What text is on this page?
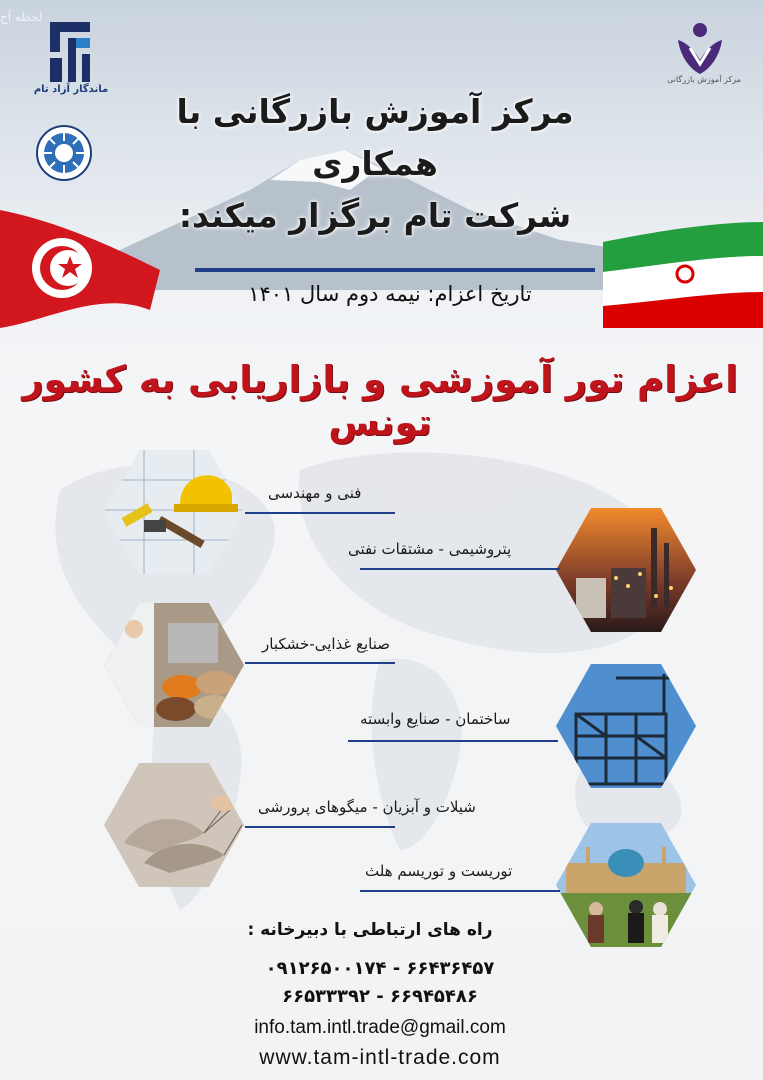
لحظه آخ
ماندگار آزاد تام
مرکز آموزش بازرگانی
مرکز آموزش بازرگانی با همکاری
شرکت تام برگزار میکند:
تاریخ اعزام: نیمه دوم سال ۱۴۰۱
اعزام تور آموزشی و بازاریابی به کشور تونس
فنی و مهندسی
پتروشیمی - مشتقات نفتی
صنایع غذایی-خشکبار
ساختمان - صنایع وابسته
شیلات و آبزیان - میگوهای پرورشی
توریست و توریسم هلث
راه های ارتباطی با دبیرخانه :
۰۹۱۲۶۵۰۰۱۷۴ - ۶۶۴۳۶۴۵۷
۶۶۵۳۳۳۹۲ - ۶۶۹۴۵۴۸۶
info.tam.intl.trade@gmail.com
www.tam-intl-trade.com
